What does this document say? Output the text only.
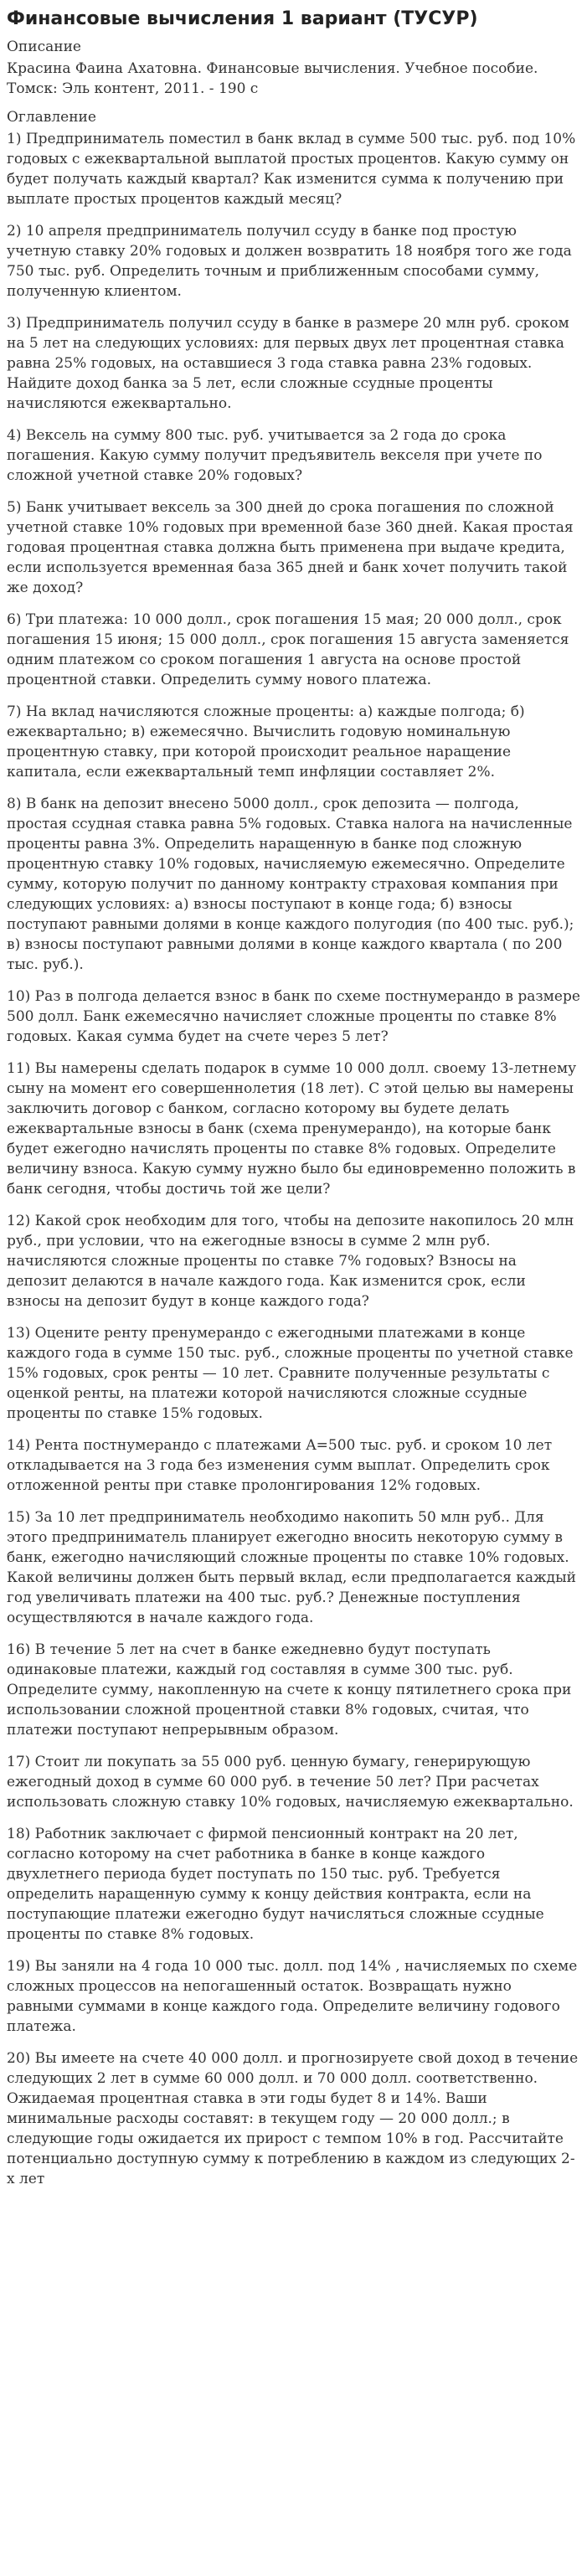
Финансовые вычисления 1 вариант (ТУСУР)
Описание
Красина Фаина Ахатовна. Финансовые вычисления. Учебное пособие. Томск: Эль контент, 2011. - 190 с
Оглавление

1) Предприниматель поместил в банк вклад в сумме 500 тыс. руб. под 10% годовых с ежеквартальной выплатой простых процентов. Какую сумму он будет получать каждый квартал? Как изменится сумма к получению при выплате простых процентов каждый месяц?

2) 10 апреля предприниматель получил ссуду в банке под простую учетную ставку 20% годовых и должен возвратить 18 ноября того же года 750 тыс. руб. Определить точным и приближенным способами сумму, полученную клиентом.

3) Предприниматель получил ссуду в банке в размере 20 млн руб. сроком на 5 лет на следующих условиях: для первых двух лет процентная ставка равна 25% годовых, на оставшиеся 3 года ставка равна 23% годовых. Найдите доход банка за 5 лет, если сложные ссудные проценты начисляются ежеквартально.

4) Вексель на сумму 800 тыс. руб. учитывается за 2 года до срока погашения. Какую сумму получит предъявитель векселя при учете по сложной учетной ставке 20% годовых?

5) Банк учитывает вексель за 300 дней до срока погашения по сложной учетной ставке 10% годовых при временной базе 360 дней. Какая простая годовая процентная ставка должна быть применена при выдаче кредита, если используется временная база 365 дней и банк хочет получить такой же доход?

6) Три платежа: 10 000 долл., срок погашения 15 мая; 20 000 долл., срок погашения 15 июня; 15 000 долл., срок погашения 15 августа заменяется одним платежом со сроком погашения 1 августа на основе простой процентной ставки. Определить сумму нового платежа.

7) На вклад начисляются сложные проценты: а) каждые полгода; б) ежеквартально; в) ежемесячно. Вычислить годовую номинальную процентную ставку, при которой происходит реальное наращение капитала, если ежеквартальный темп инфляции составляет 2%.

8) В банк на депозит внесено 5000 долл., срок депозита — полгода, простая ссудная ставка равна 5% годовых. Ставка налога на начисленные проценты равна 3%. Определить наращенную в банке под сложную процентную ставку 10% годовых, начисляемую ежемесячно. Определите сумму, которую получит по данному контракту страховая компания при следующих условиях: а) взносы поступают в конце года; б) взносы поступают равными долями в конце каждого полугодия (по 400 тыс. руб.); в) взносы поступают равными долями в конце каждого квартала ( по 200 тыс. руб.).

10) Раз в полгода делается взнос в банк по схеме постнумерандо в размере 500 долл. Банк ежемесячно начисляет сложные проценты по ставке 8% годовых. Какая сумма будет на счете через 5 лет?

11) Вы намерены сделать подарок в сумме 10 000 долл. своему 13-летнему сыну на момент его совершеннолетия (18 лет). С этой целью вы намерены заключить договор с банком, согласно которому вы будете делать ежеквартальные взносы в банк (схема пренумерандо), на которые банк будет ежегодно начислять проценты по ставке 8% годовых. Определите величину взноса. Какую сумму нужно было бы единовременно положить в банк сегодня, чтобы достичь той же цели?

12) Какой срок необходим для того, чтобы на депозите накопилось 20 млн руб., при условии, что на ежегодные взносы в сумме 2 млн руб. начисляются сложные проценты по ставке 7% годовых? Взносы на депозит делаются в начале каждого года. Как изменится срок, если взносы на депозит будут в конце каждого года?

13) Оцените ренту пренумерандо с ежегодными платежами в конце каждого года в сумме 150 тыс. руб., сложные проценты по учетной ставке 15% годовых, срок ренты — 10 лет. Сравните полученные результаты с оценкой ренты, на платежи которой начисляются сложные ссудные проценты по ставке 15% годовых.

14) Рента постнумерандо с платежами A=500 тыс. руб. и сроком 10 лет откладывается на 3 года без изменения сумм выплат. Определить срок отложенной ренты при ставке пролонгирования 12% годовых.

15) За 10 лет предприниматель необходимо накопить 50 млн руб.. Для этого предприниматель планирует ежегодно вносить некоторую сумму в банк, ежегодно начисляющий сложные проценты по ставке 10% годовых. Какой величины должен быть первый вклад, если предполагается каждый год увеличивать платежи на 400 тыс. руб.? Денежные поступления осуществляются в начале каждого года.

16) В течение 5 лет на счет в банке ежедневно будут поступать одинаковые платежи, каждый год составляя в сумме 300 тыс. руб. Определите сумму, накопленную на счете к концу пятилетнего срока при использовании сложной процентной ставки 8% годовых, считая, что платежи поступают непрерывным образом.

17) Стоит ли покупать за 55 000 руб. ценную бумагу, генерирующую ежегодный доход в сумме 60 000 руб. в течение 50 лет? При расчетах использовать сложную ставку 10% годовых, начисляемую ежеквартально.

18) Работник заключает с фирмой пенсионный контракт на 20 лет, согласно которому на счет работника в банке в конце каждого двухлетнего периода будет поступать по 150 тыс. руб. Требуется определить наращенную сумму к концу действия контракта, если на поступающие платежи ежегодно будут начисляться сложные ссудные проценты по ставке 8% годовых.

19) Вы заняли на 4 года 10 000 тыс. долл. под 14% , начисляемых по схеме сложных процессов на непогашенный остаток. Возвращать нужно равными суммами в конце каждого года. Определите величину годового платежа.

20) Вы имеете на счете 40 000 долл. и прогнозируете свой доход в течение следующих 2 лет в сумме 60 000 долл. и 70 000 долл. соответственно. Ожидаемая процентная ставка в эти годы будет 8 и 14%. Ваши минимальные расходы составят: в текущем году — 20 000 долл.; в следующие годы ожидается их прирост с темпом 10% в год. Рассчитайте потенциально доступную сумму к потреблению в каждом из следующих 2-х лет
